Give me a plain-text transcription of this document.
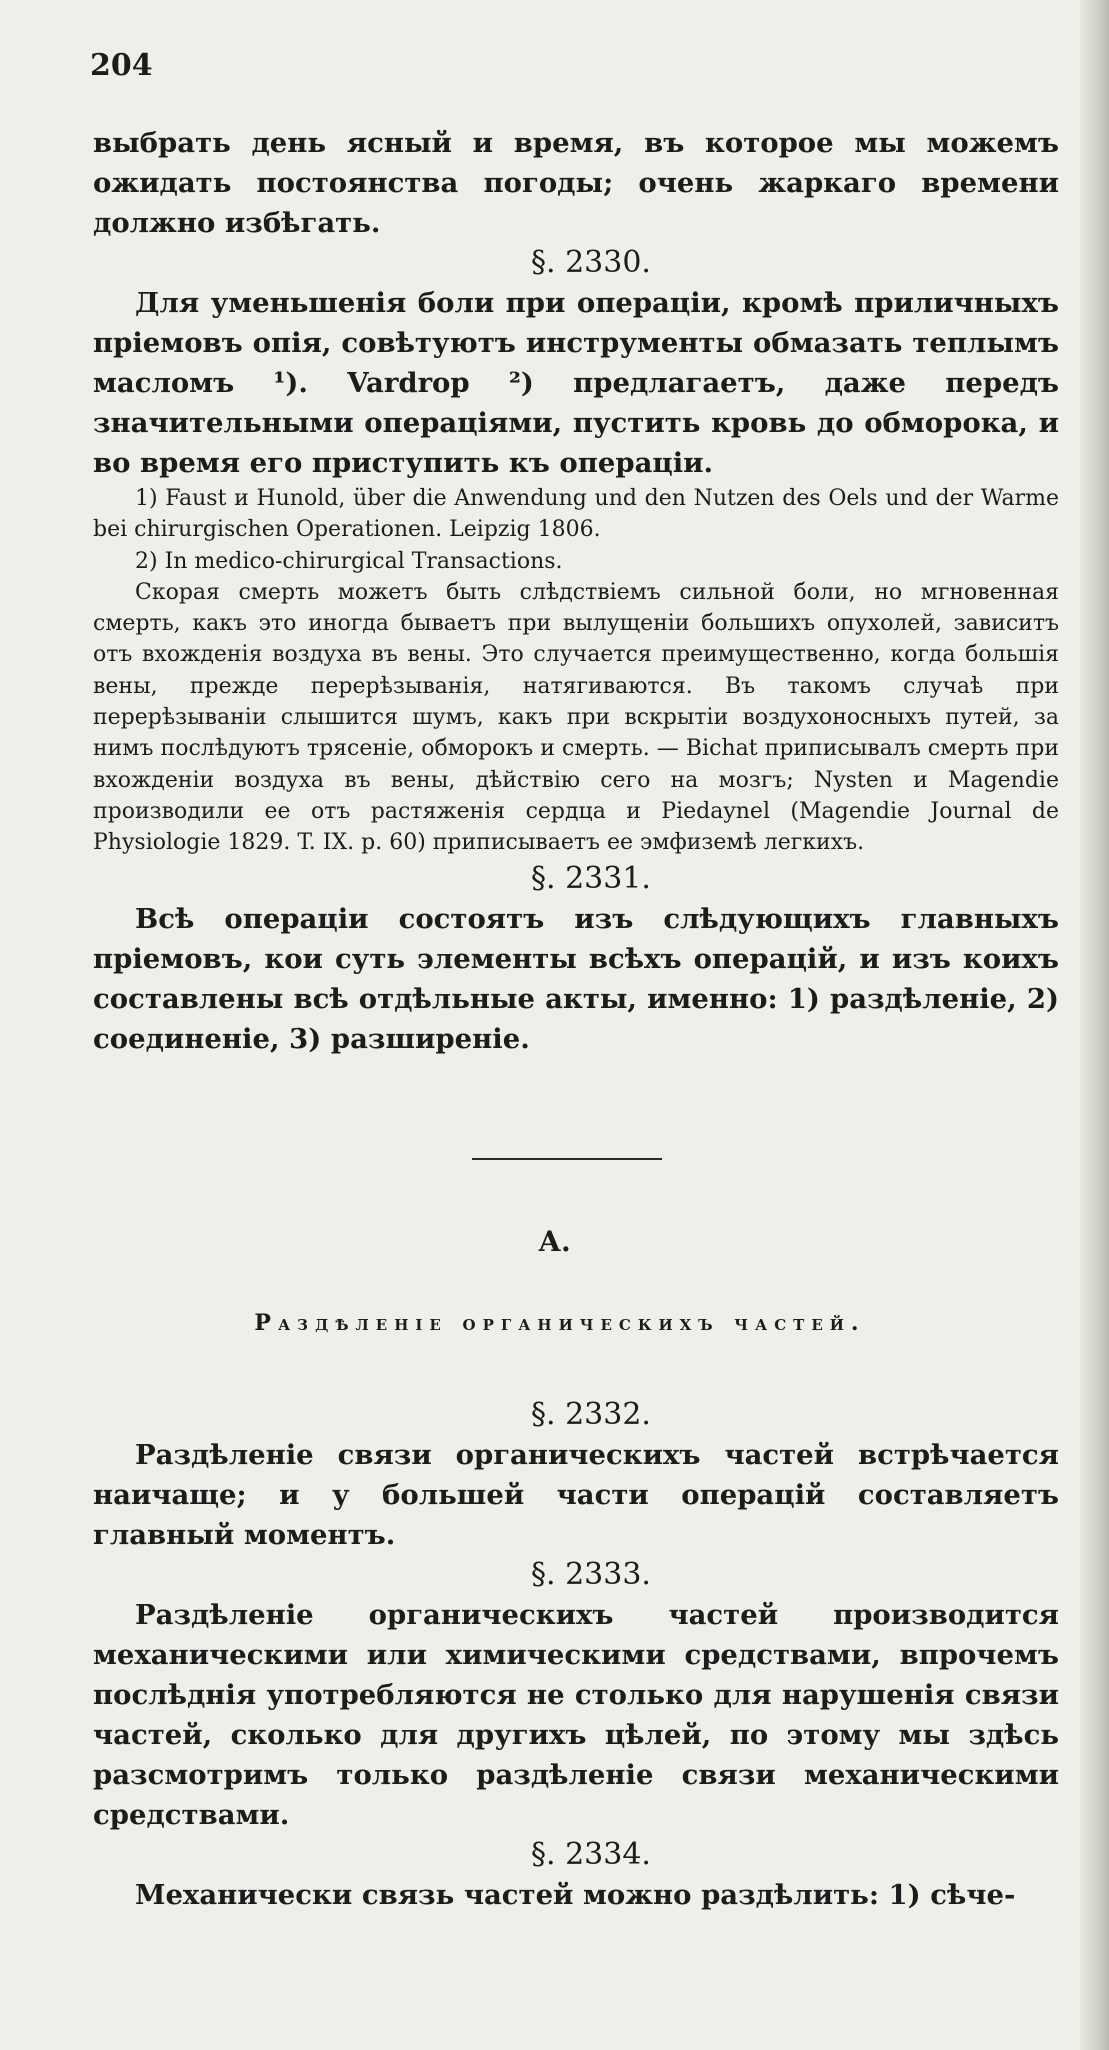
204

выбрать день ясный и время, въ которое мы можемъ ожидать постоянства погоды; очень жаркаго времени должно избѣгать.

§. 2330.

Для уменьшенія боли при операціи, кромѣ приличныхъ пріемовъ опія, совѣтуютъ инструменты обмазать теплымъ масломъ ¹). Vardrop ²) предлагаетъ, даже передъ значительными операціями, пустить кровь до обморока, и во время его приступить къ операціи.

1) Faust и Hunold, über die Anwendung und den Nutzen des Oels und der Warme bei chirurgischen Operationen. Leipzig 1806.

2) In medico-chirurgical Transactions.

Скорая смерть можетъ быть слѣдствіемъ сильной боли, но мгновенная смерть, какъ это иногда бываетъ при вылущеніи большихъ опухолей, зависитъ отъ вхожденія воздуха въ вены. Это случается преимущественно, когда большія вены, прежде перерѣзыванія, натягиваются. Въ такомъ случаѣ при перерѣзываніи слышится шумъ, какъ при вскрытіи воздухоносныхъ путей, за нимъ послѣдуютъ трясеніе, обморокъ и смерть. — Bichat приписывалъ смерть при вхожденіи воздуха въ вены, дѣйствію сего на мозгъ; Nysten и Magendie производили ее отъ растяженія сердца и Piedaynel (Magendie Journal de Physiologie 1829. T. IX. p. 60) приписываетъ ее эмфиземѣ легкихъ.

§. 2331.

Всѣ операціи состоятъ изъ слѣдующихъ главныхъ пріемовъ, кои суть элементы всѣхъ операцій, и изъ коихъ составлены всѣ отдѣльные акты, именно: 1) раздѣленіе, 2) соединеніе, 3) разширеніе.

А.
Раздѣленіе органическихъ частей.

§. 2332.

Раздѣленіе связи органическихъ частей встрѣчается наичаще; и у большей части операцій составляетъ главный моментъ.

§. 2333.

Раздѣленіе органическихъ частей производится механическими или химическими средствами, впрочемъ послѣднія употребляются не столько для нарушенія связи частей, сколько для другихъ цѣлей, по этому мы здѣсь разсмотримъ только раздѣленіе связи механическими средствами.

§. 2334.

Механически связь частей можно раздѣлить: 1) сѣче-
